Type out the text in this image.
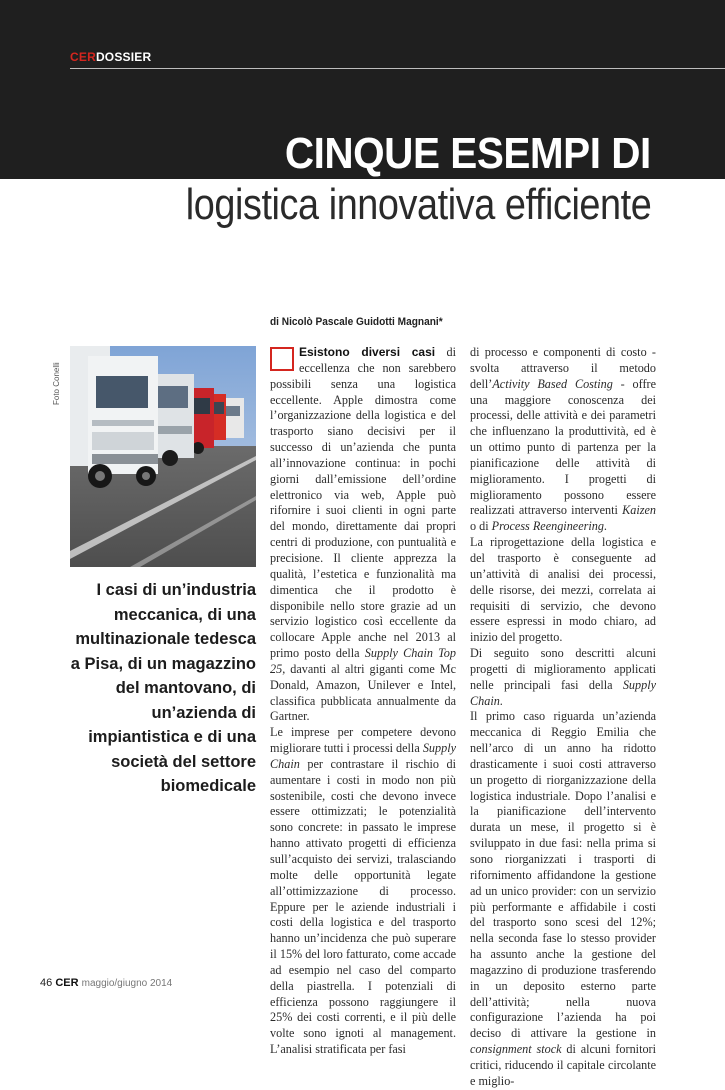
CERDOSSIER
CINQUE ESEMPI DI
logistica innovativa efficiente
di Nicolò Pascale Guidotti Magnani*
Foto Conelli
I casi di un’industria meccanica, di una multinazionale tedesca a Pisa, di un magazzino del mantovano, di un’azienda di impiantistica e di una società del settore biomedicale

Esistono diversi casi di eccellenza che non sarebbero possibili senza una logistica eccellente. Apple dimostra come l’organizzazione della logistica e del trasporto siano decisivi per il successo di un’azienda che punta all’innovazione continua: in pochi giorni dall’emissione dell’ordine elettronico via web, Apple può rifornire i suoi clienti in ogni parte del mondo, direttamente dai propri centri di produzione, con puntualità e precisione. Il cliente apprezza la qualità, l’estetica e funzionalità ma dimentica che il prodotto è disponibile nello store grazie ad un servizio logistico così eccellente da collocare Apple anche nel 2013 al primo posto della Supply Chain Top 25, davanti al altri giganti come Mc Donald, Amazon, Unilever e Intel, classifica pubblicata annualmente da Gartner.

Le imprese per competere devono migliorare tutti i processi della Supply Chain per contrastare il rischio di aumentare i costi in modo non più sostenibile, costi che devono invece essere ottimizzati; le potenzialità sono concrete: in passato le imprese hanno attivato progetti di efficienza sull’acquisto dei servizi, tralasciando molte delle opportunità legate all’ottimizzazione di processo. Eppure per le aziende industriali i costi della logistica e del trasporto hanno un’incidenza che può superare il 15% del loro fatturato, come accade ad esempio nel caso del comparto della piastrella. I potenziali di efficienza possono raggiungere il 25% dei costi correnti, e il più delle volte sono ignoti al management. L’analisi stratificata per fasi

di processo e componenti di costo - svolta attraverso il metodo dell’Activity Based Costing - offre una maggiore conoscenza dei processi, delle attività e dei parametri che influenzano la produttività, ed è un ottimo punto di partenza per la pianificazione delle attività di miglioramento. I progetti di miglioramento possono essere realizzati attraverso interventi Kaizen o di Process Reengineering.

La riprogettazione della logistica e del trasporto è conseguente ad un’attività di analisi dei processi, delle risorse, dei mezzi, correlata ai requisiti di servizio, che devono essere espressi in modo chiaro, ad inizio del progetto.

Di seguito sono descritti alcuni progetti di miglioramento applicati nelle principali fasi della Supply Chain.

Il primo caso riguarda un’azienda meccanica di Reggio Emilia che nell’arco di un anno ha ridotto drasticamente i suoi costi attraverso un progetto di riorganizzazione della logistica industriale. Dopo l’analisi e la pianificazione dell’intervento durata un mese, il progetto si è sviluppato in due fasi: nella prima si sono riorganizzati i trasporti di rifornimento affidandone la gestione ad un unico provider: con un servizio più performante e affidabile i costi del trasporto sono scesi del 12%; nella seconda fase lo stesso provider ha assunto anche la gestione del magazzino di produzione trasferendo in un deposito esterno parte dell’attività; nella nuova configurazione l’azienda ha poi deciso di attivare la gestione in consignment stock di alcuni fornitori critici, riducendo il capitale circolante e miglio-

46 CER maggio/giugno 2014
